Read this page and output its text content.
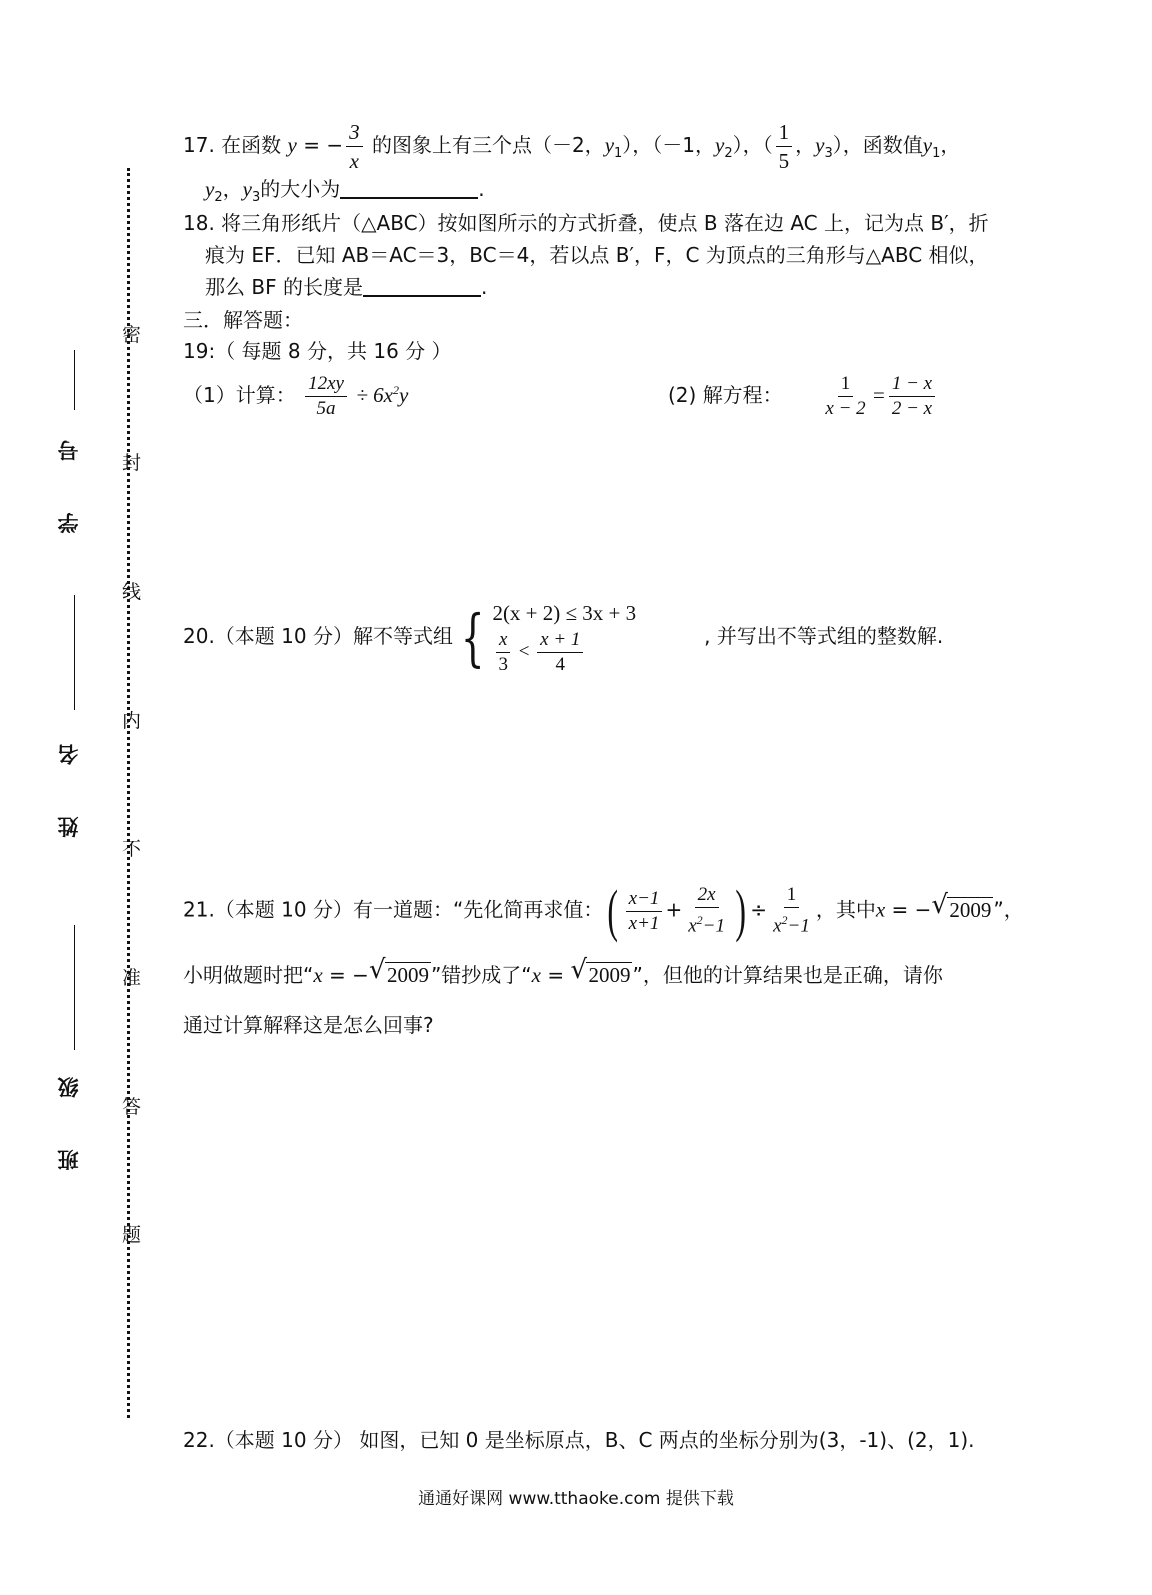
密
封
线
内
不
准
答
题
学 号
姓 名
班 级
17. 在函数 y = − $\frac{3}{x}$ 的图象上有三个点（－2，$y_1$），（－1，$y_2$），（ $\frac{1}{5}$ ，$y_3$），函数值$y_1$，
$y_2$，$y_3$的大小为	.
18. 将三角形纸片（△ABC）按如图所示的方式折叠，使点 B 落在边 AC 上，记为点 B′，折
痕为 EF．已知 AB＝AC＝3，BC＝4，若以点 B′，F，C 为顶点的三角形与△ABC 相似，
那么 BF 的长度是	.
三．解答题：
19:（ 每题 8 分，共 16 分 ）
（1）计算： $\frac{12xy}{5a} \div 6x^2y$	(2) 解方程： $\frac{1}{x - 2} = \frac{1 - x}{2 - x}$
20.（本题 10 分）解不等式组 { 2(x + 2) ≤ 3x + 3
$\frac{x}{3} < \frac{x + 1}{4}$	, 并写出不等式组的整数解.
21.（本题 10 分）有一道题：“先化简再求值：( $\frac{x-1}{x+1} + \frac{2x}{x^2-1}$ ) ÷ $\frac{1}{x^2-1}$ ，其中x = − √ 2009 ”，
小明做题时把“x = − √ 2009 ”错抄成了“x = √ 2009 ”，但他的计算结果也是正确，请你
通过计算解释这是怎么回事?
22.（本题 10 分） 如图，已知 0 是坐标原点，B、C 两点的坐标分别为(3，-1)、(2，1).
通通好课网 www.tthaoke.com 提供下载
